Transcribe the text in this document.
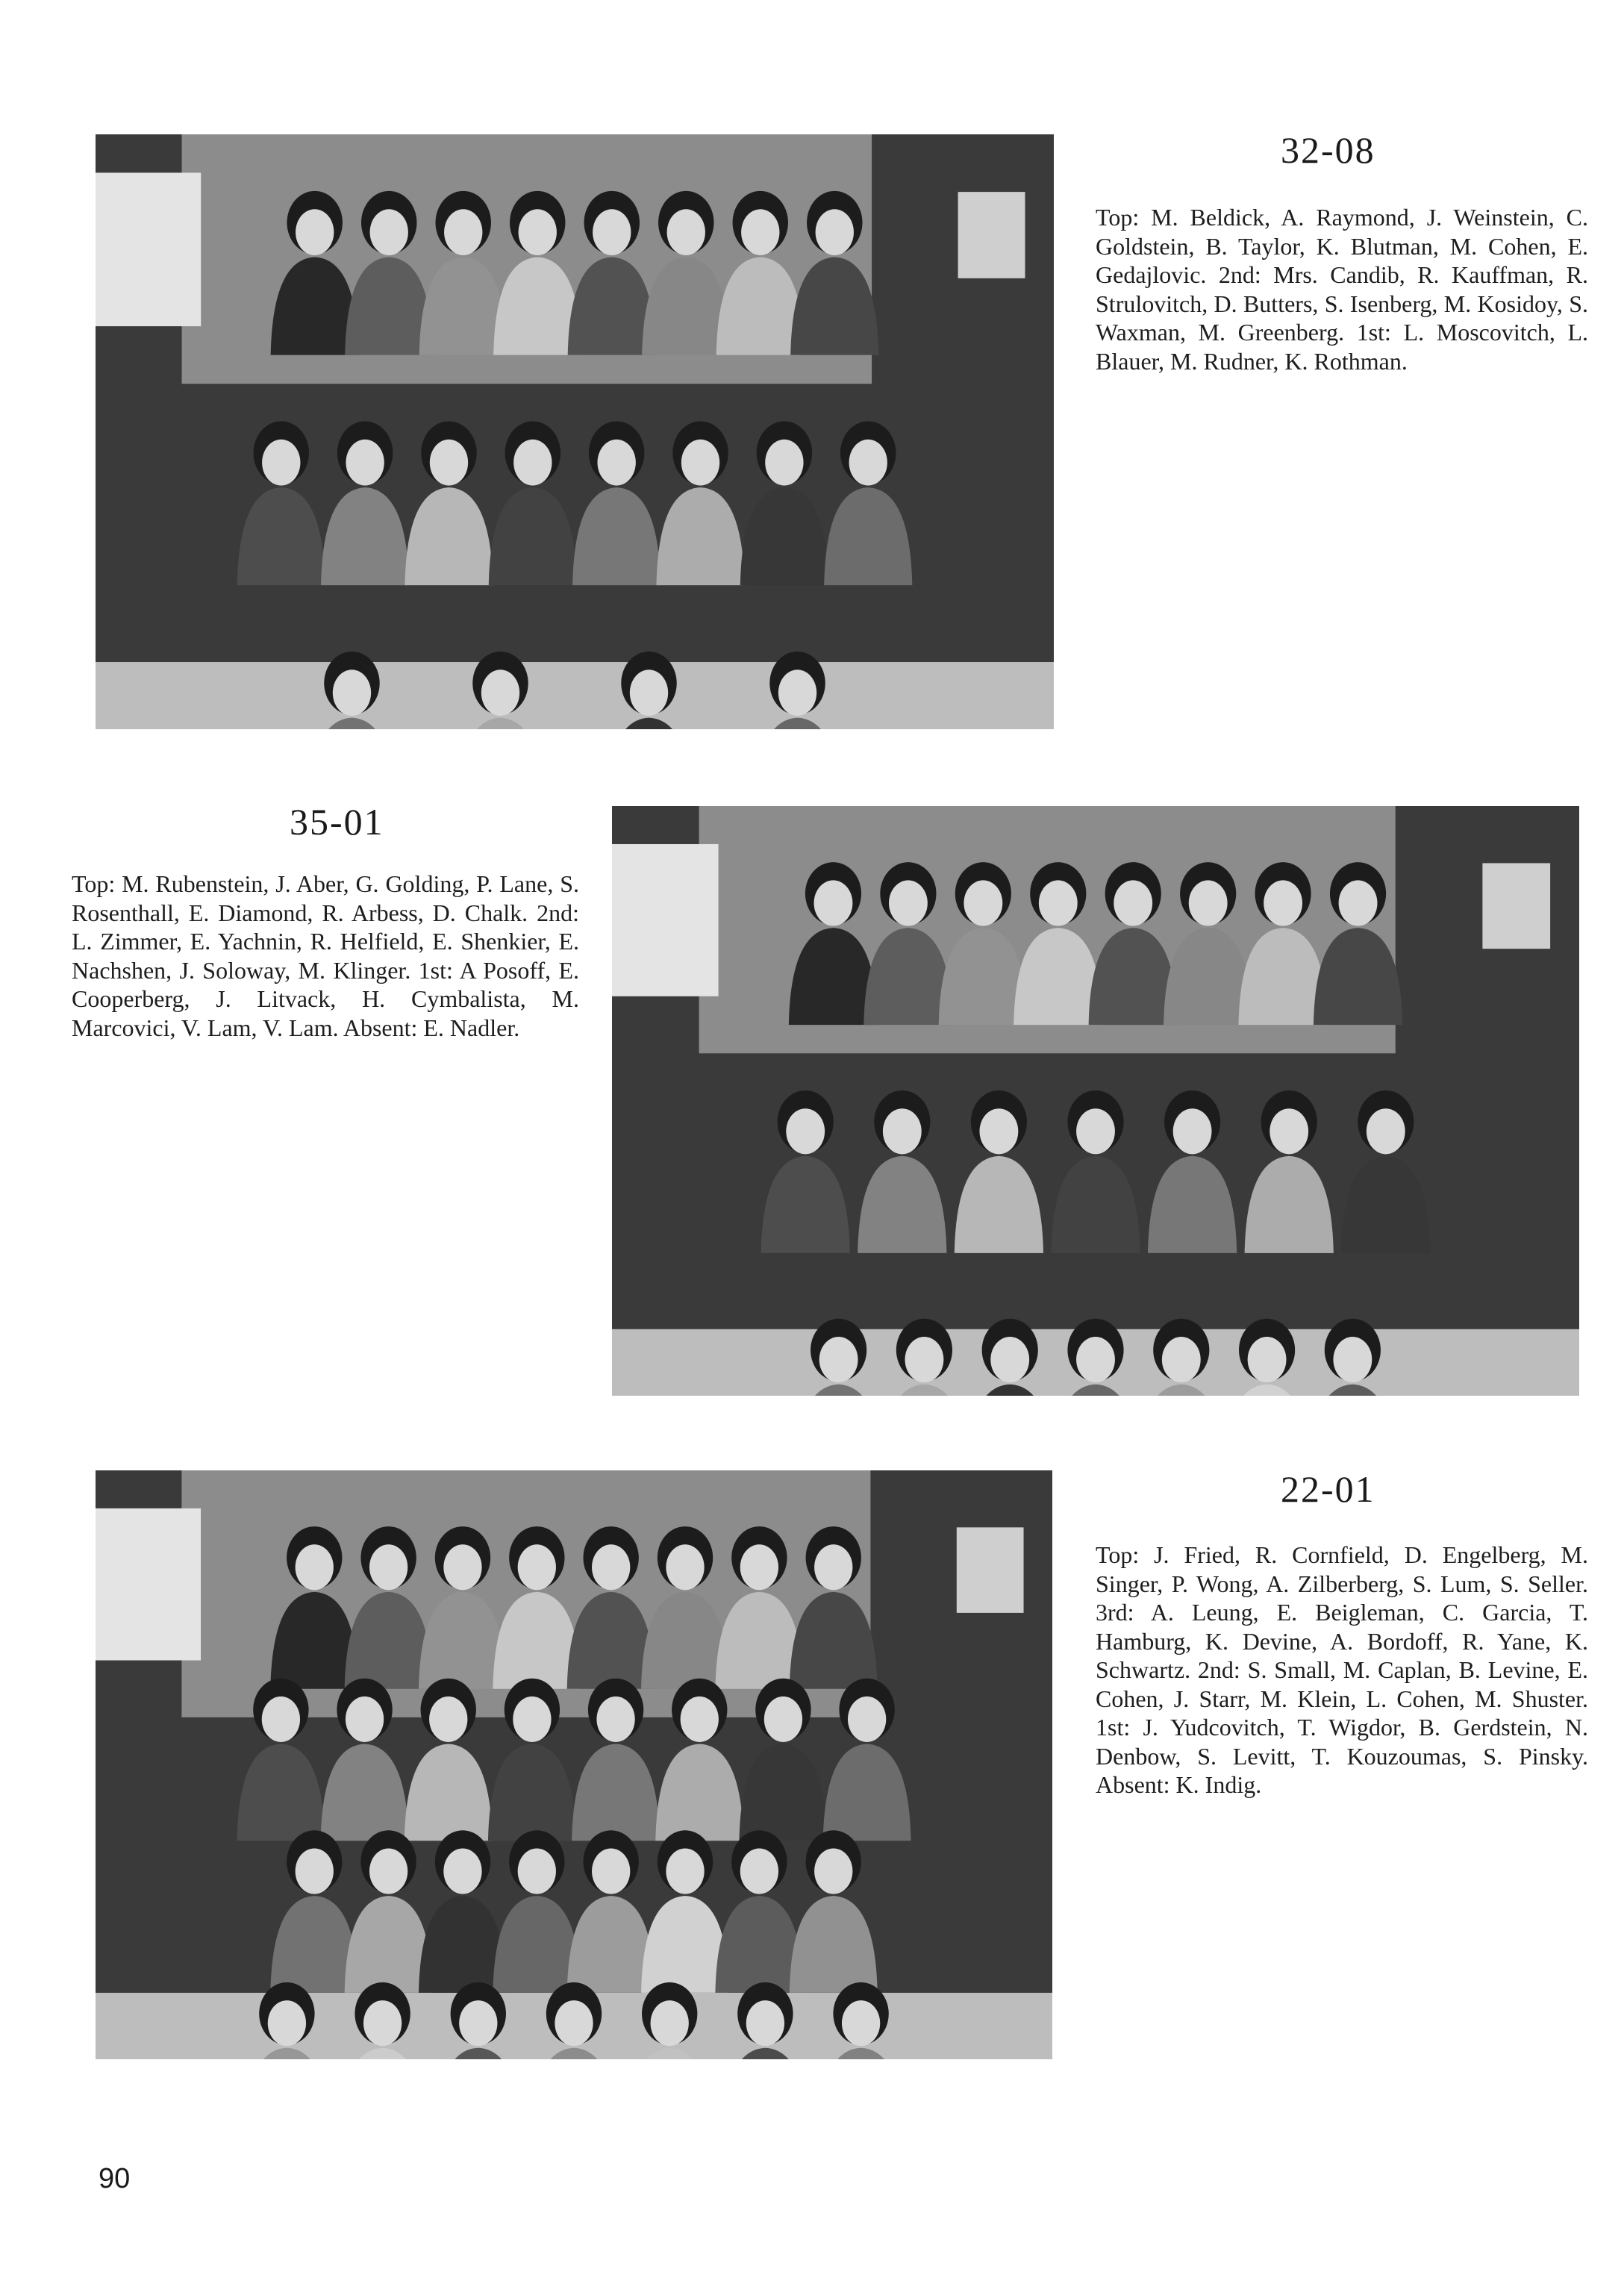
32-08
Top: M. Beldick, A. Raymond, J. Weinstein, C. Goldstein, B. Taylor, K. Blutman, M. Cohen, E. Gedajlovic. 2nd: Mrs. Candib, R. Kauffman, R. Strulovitch, D. Butters, S. Isenberg, M. Kosidoy, S. Waxman, M. Greenberg. 1st: L. Moscovitch, L. Blauer, M. Rudner, K. Rothman.
35-01
Top: M. Rubenstein, J. Aber, G. Golding, P. Lane, S. Rosenthall, E. Diamond, R. Arbess, D. Chalk. 2nd: L. Zimmer, E. Yachnin, R. Helfield, E. Shenkier, E. Nachshen, J. Soloway, M. Klinger. 1st: A Posoff, E. Cooperberg, J. Litvack, H. Cymbalista, M. Marcovici, V. Lam, V. Lam. Absent: E. Nadler.
22-01
Top: J. Fried, R. Cornfield, D. Engelberg, M. Singer, P. Wong, A. Zilberberg, S. Lum, S. Seller. 3rd: A. Leung, E. Beigleman, C. Garcia, T. Hamburg, K. Devine, A. Bordoff, R. Yane, K. Schwartz. 2nd: S. Small, M. Caplan, B. Levine, E. Cohen, J. Starr, M. Klein, L. Cohen, M. Shuster. 1st: J. Yudcovitch, T. Wigdor, B. Gerdstein, N. Denbow, S. Levitt, T. Kouzoumas, S. Pinsky. Absent: K. Indig.
90
